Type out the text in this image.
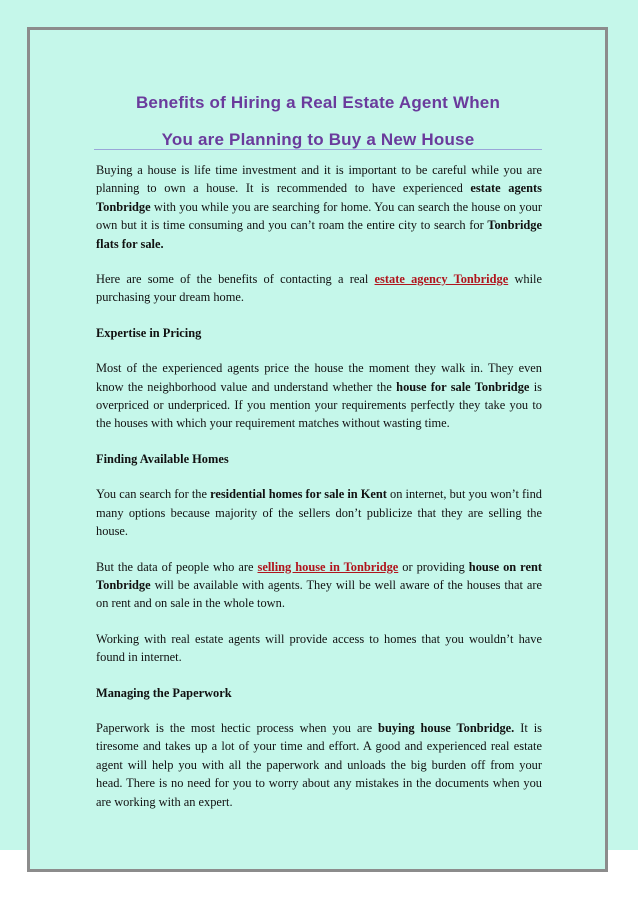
Benefits of Hiring a Real Estate Agent When
You are Planning to Buy a New House

Buying a house is life time investment and it is important to be careful while you are planning to own a house. It is recommended to have experienced estate agents Tonbridge with you while you are searching for home. You can search the house on your own but it is time consuming and you can’t roam the entire city to search for Tonbridge flats for sale.

Here are some of the benefits of contacting a real estate agency Tonbridge while purchasing your dream home.

Expertise in Pricing

Most of the experienced agents price the house the moment they walk in. They even know the neighborhood value and understand whether the house for sale Tonbridge is overpriced or underpriced. If you mention your requirements perfectly they take you to the houses with which your requirement matches without wasting time.

Finding Available Homes

You can search for the residential homes for sale in Kent on internet, but you won’t find many options because majority of the sellers don’t publicize that they are selling the house.

But the data of people who are selling house in Tonbridge or providing house on rent Tonbridge will be available with agents. They will be well aware of the houses that are on rent and on sale in the whole town.

Working with real estate agents will provide access to homes that you wouldn’t have found in internet.

Managing the Paperwork

Paperwork is the most hectic process when you are buying house Tonbridge. It is tiresome and takes up a lot of your time and effort. A good and experienced real estate agent will help you with all the paperwork and unloads the big burden off from your head. There is no need for you to worry about any mistakes in the documents when you are working with an expert.
